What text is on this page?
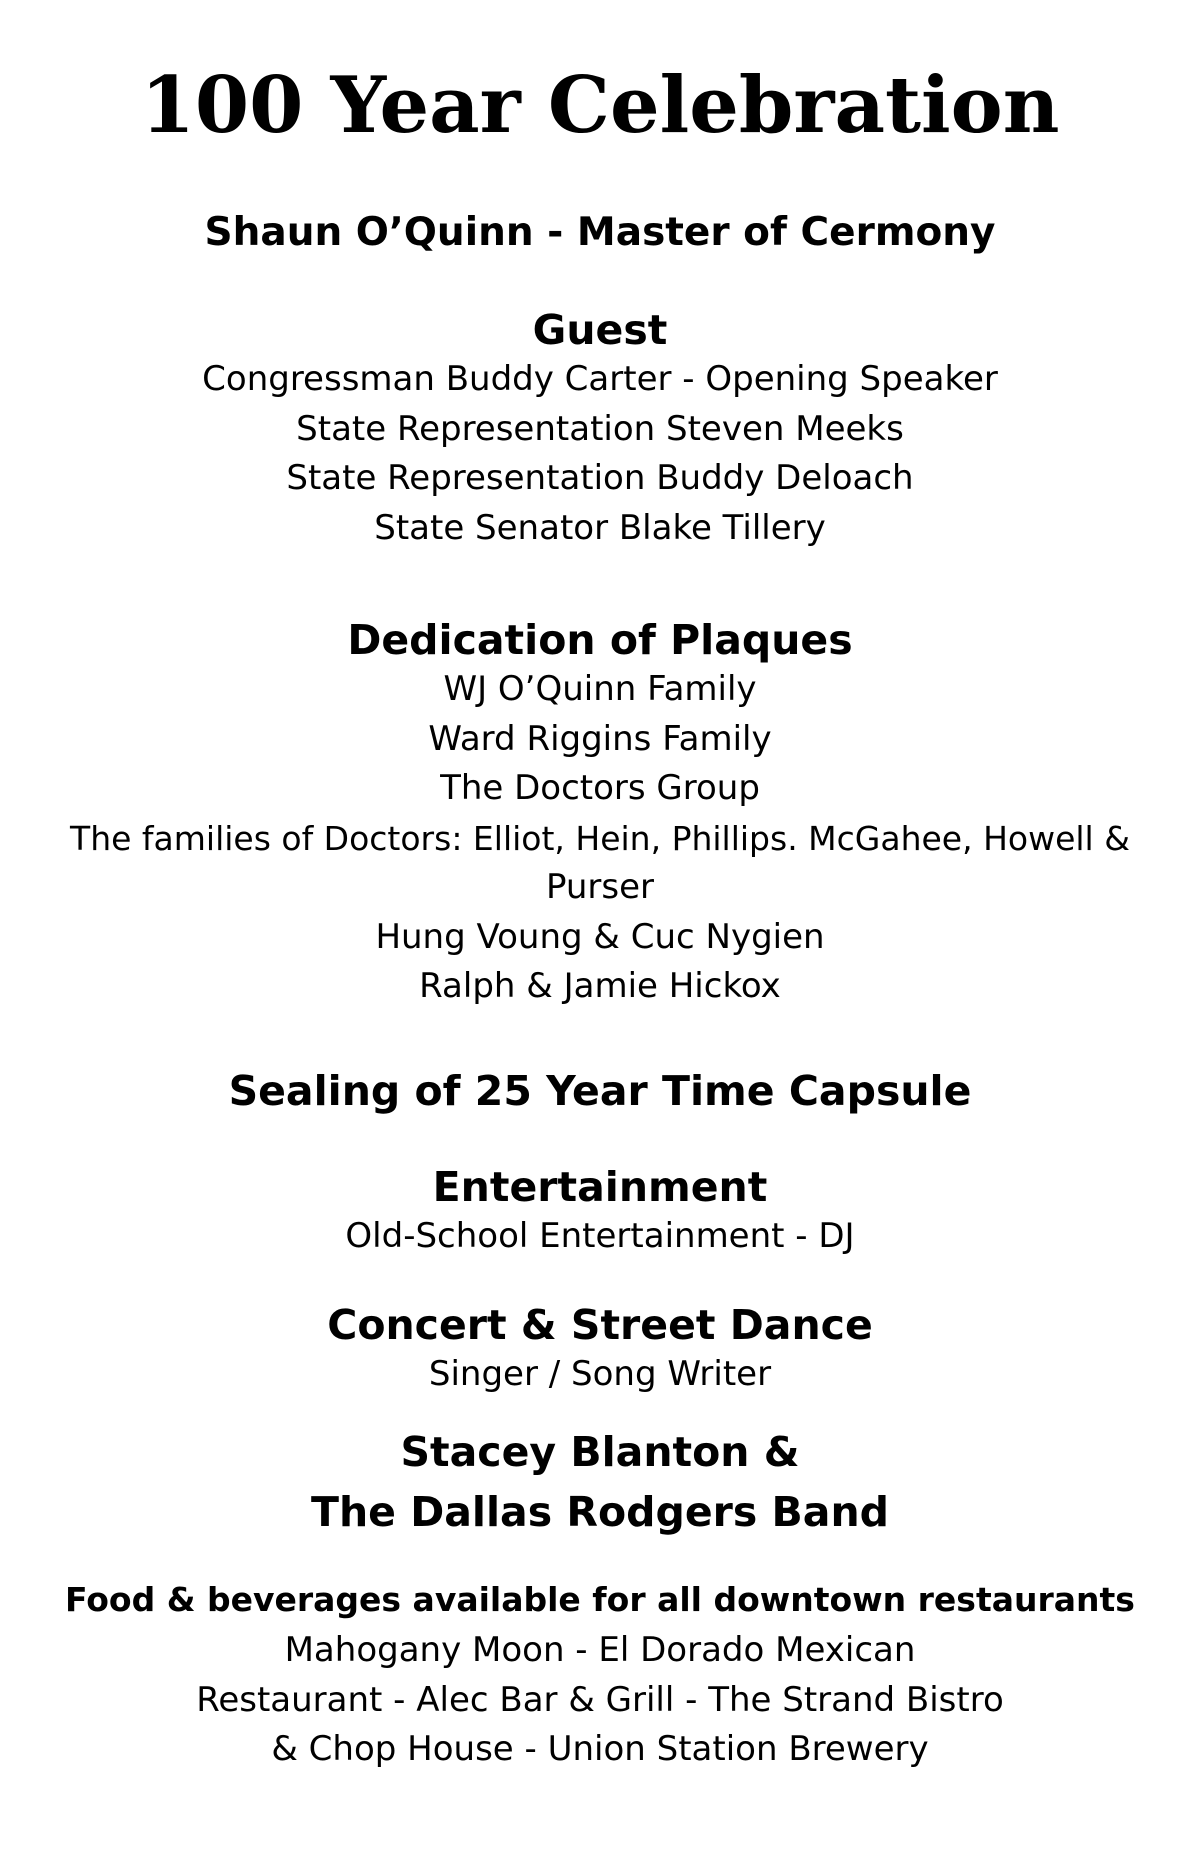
100 Year Celebration

Shaun O’Quinn - Master of Cermony

Guest

Congressman Buddy Carter - Opening Speaker

State Representation Steven Meeks

State Representation Buddy Deloach

State Senator Blake Tillery

Dedication of Plaques

WJ O’Quinn Family

Ward Riggins Family

The Doctors Group

The families of Doctors: Elliot, Hein, Phillips. McGahee, Howell &

Purser

Hung Voung & Cuc Nygien

Ralph & Jamie Hickox

Sealing of 25 Year Time Capsule

Entertainment

Old-School Entertainment - DJ

Concert & Street Dance

Singer / Song Writer

Stacey Blanton &

The Dallas Rodgers Band

Food & beverages available for all downtown restaurants

Mahogany Moon - El Dorado Mexican

Restaurant - Alec Bar & Grill - The Strand Bistro

& Chop House - Union Station Brewery
